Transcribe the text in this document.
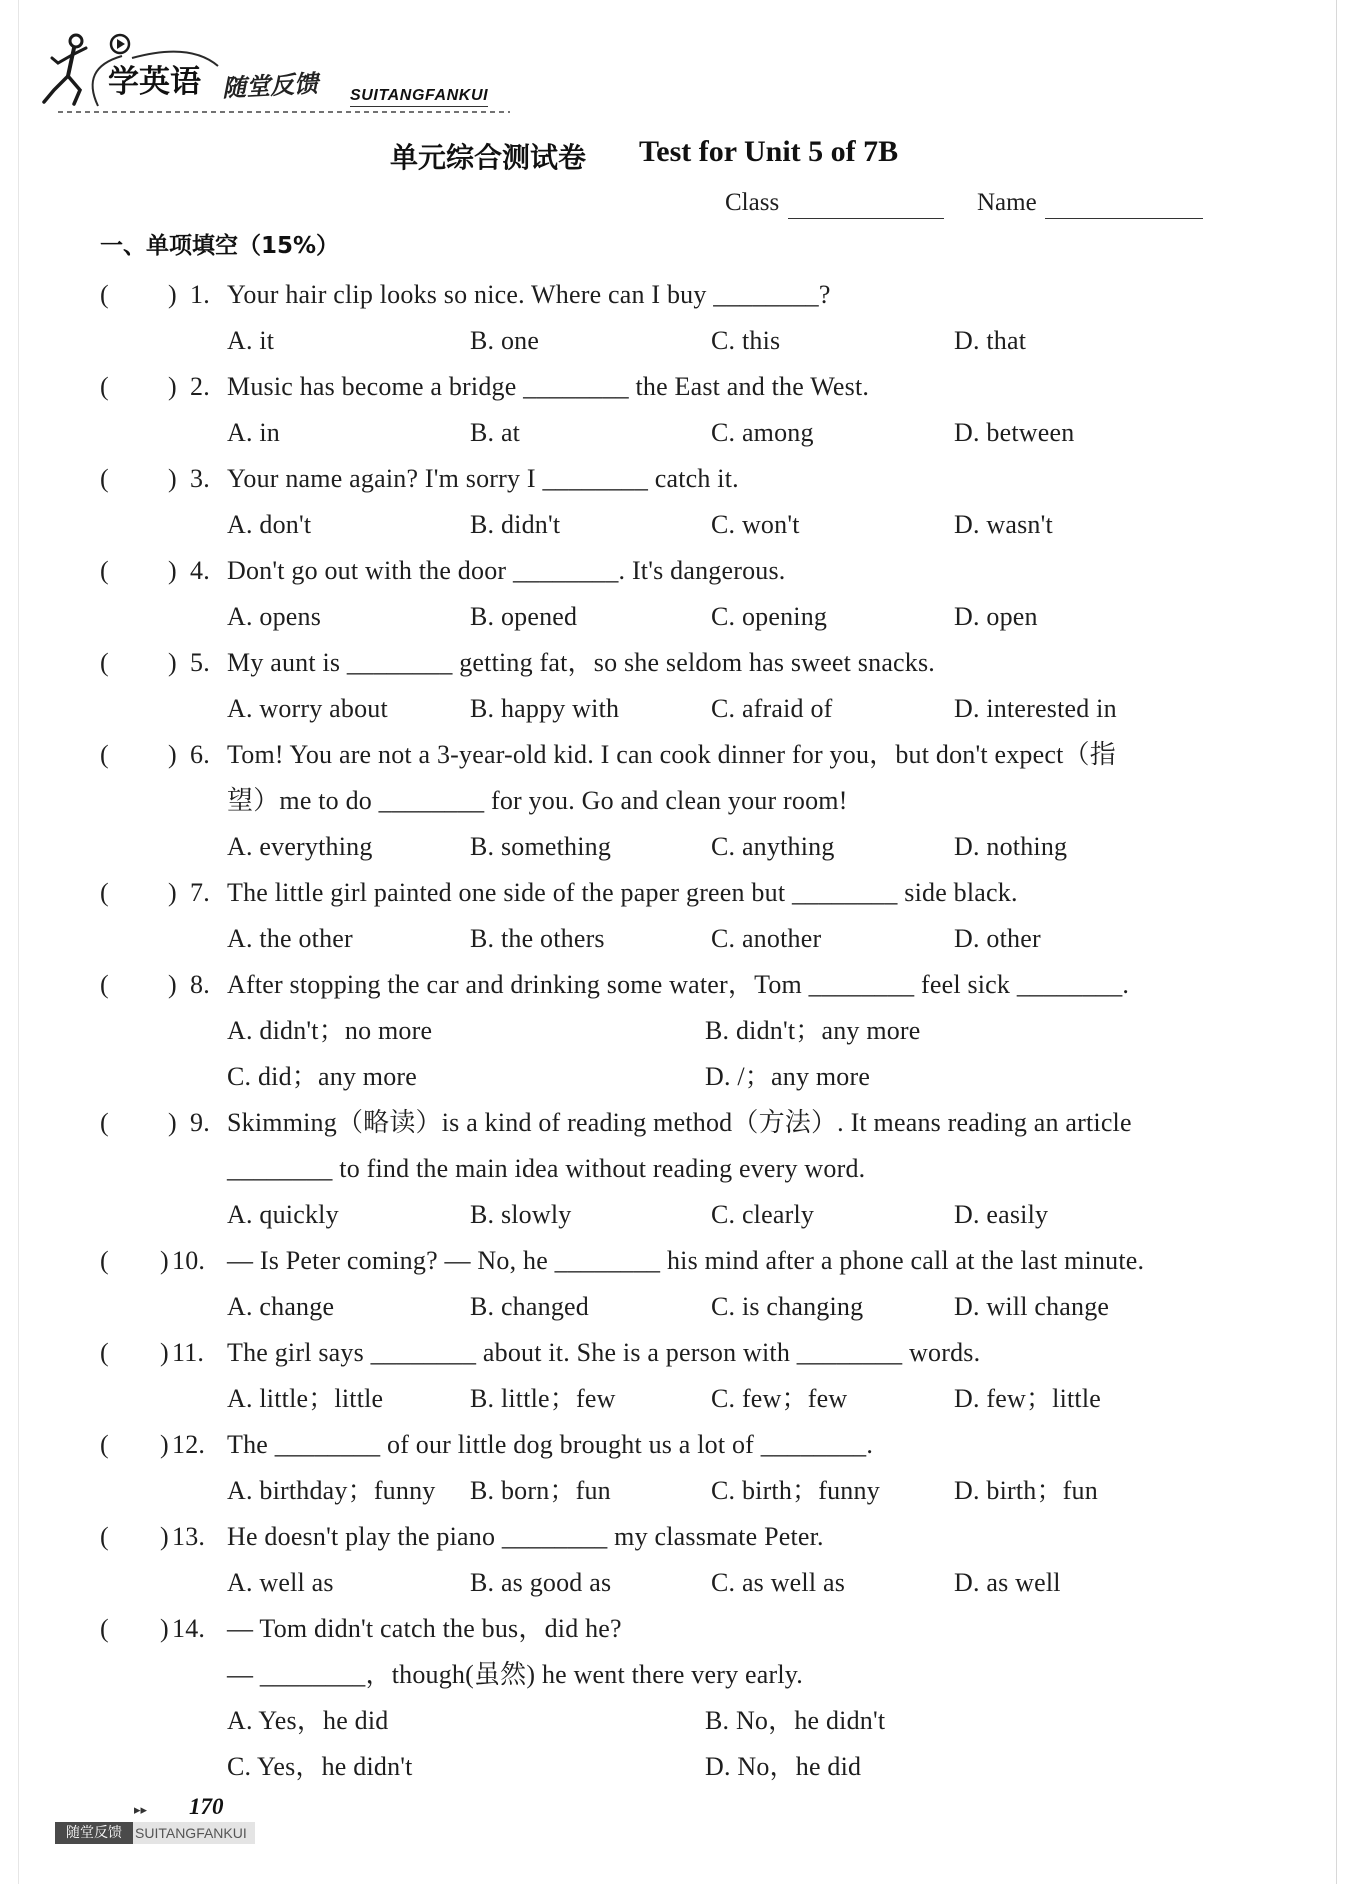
学英语 随堂反馈 SUITANGFANKUI
单元综合测试卷 Test for Unit 5 of 7B
Class	Name
一、单项填空（15%）
( ) 1. Your hair clip looks so nice. Where can I buy ________?
A. it	B. one	C. this	D. that
( ) 2. Music has become a bridge ________ the East and the West.
A. in	B. at	C. among	D. between
( ) 3. Your name again? I'm sorry I ________ catch it.
A. don't	B. didn't	C. won't	D. wasn't
( ) 4. Don't go out with the door ________. It's dangerous.
A. opens	B. opened	C. opening	D. open
( ) 5. My aunt is ________ getting fat，so she seldom has sweet snacks.
A. worry about	B. happy with	C. afraid of	D. interested in
( ) 6. Tom! You are not a 3-year-old kid. I can cook dinner for you，but don't expect（指
望）me to do ________ for you. Go and clean your room!
A. everything	B. something	C. anything	D. nothing
( ) 7. The little girl painted one side of the paper green but ________ side black.
A. the other	B. the others	C. another	D. other
( ) 8. After stopping the car and drinking some water，Tom ________ feel sick ________.
A. didn't；no more	B. didn't；any more
C. did；any more	D. /；any more
( ) 9. Skimming（略读）is a kind of reading method（方法）. It means reading an article
________ to find the main idea without reading every word.
A. quickly	B. slowly	C. clearly	D. easily
( ) 10. — Is Peter coming? — No, he ________ his mind after a phone call at the last minute.
A. change	B. changed	C. is changing	D. will change
( ) 11. The girl says ________ about it. She is a person with ________ words.
A. little；little	B. little；few	C. few；few	D. few；little
( ) 12. The ________ of our little dog brought us a lot of ________.
A. birthday；funny B. born；fun	C. birth；funny	D. birth；fun
( ) 13. He doesn't play the piano ________ my classmate Peter.
A. well as	B. as good as	C. as well as	D. as well
( ) 14. — Tom didn't catch the bus，did he?
— ________，though(虽然) he went there very early.
A. Yes，he did	B. No，he didn't
C. Yes，he didn't	D. No，he did
▸▸ 170
随堂反馈 SUITANGFANKUI
